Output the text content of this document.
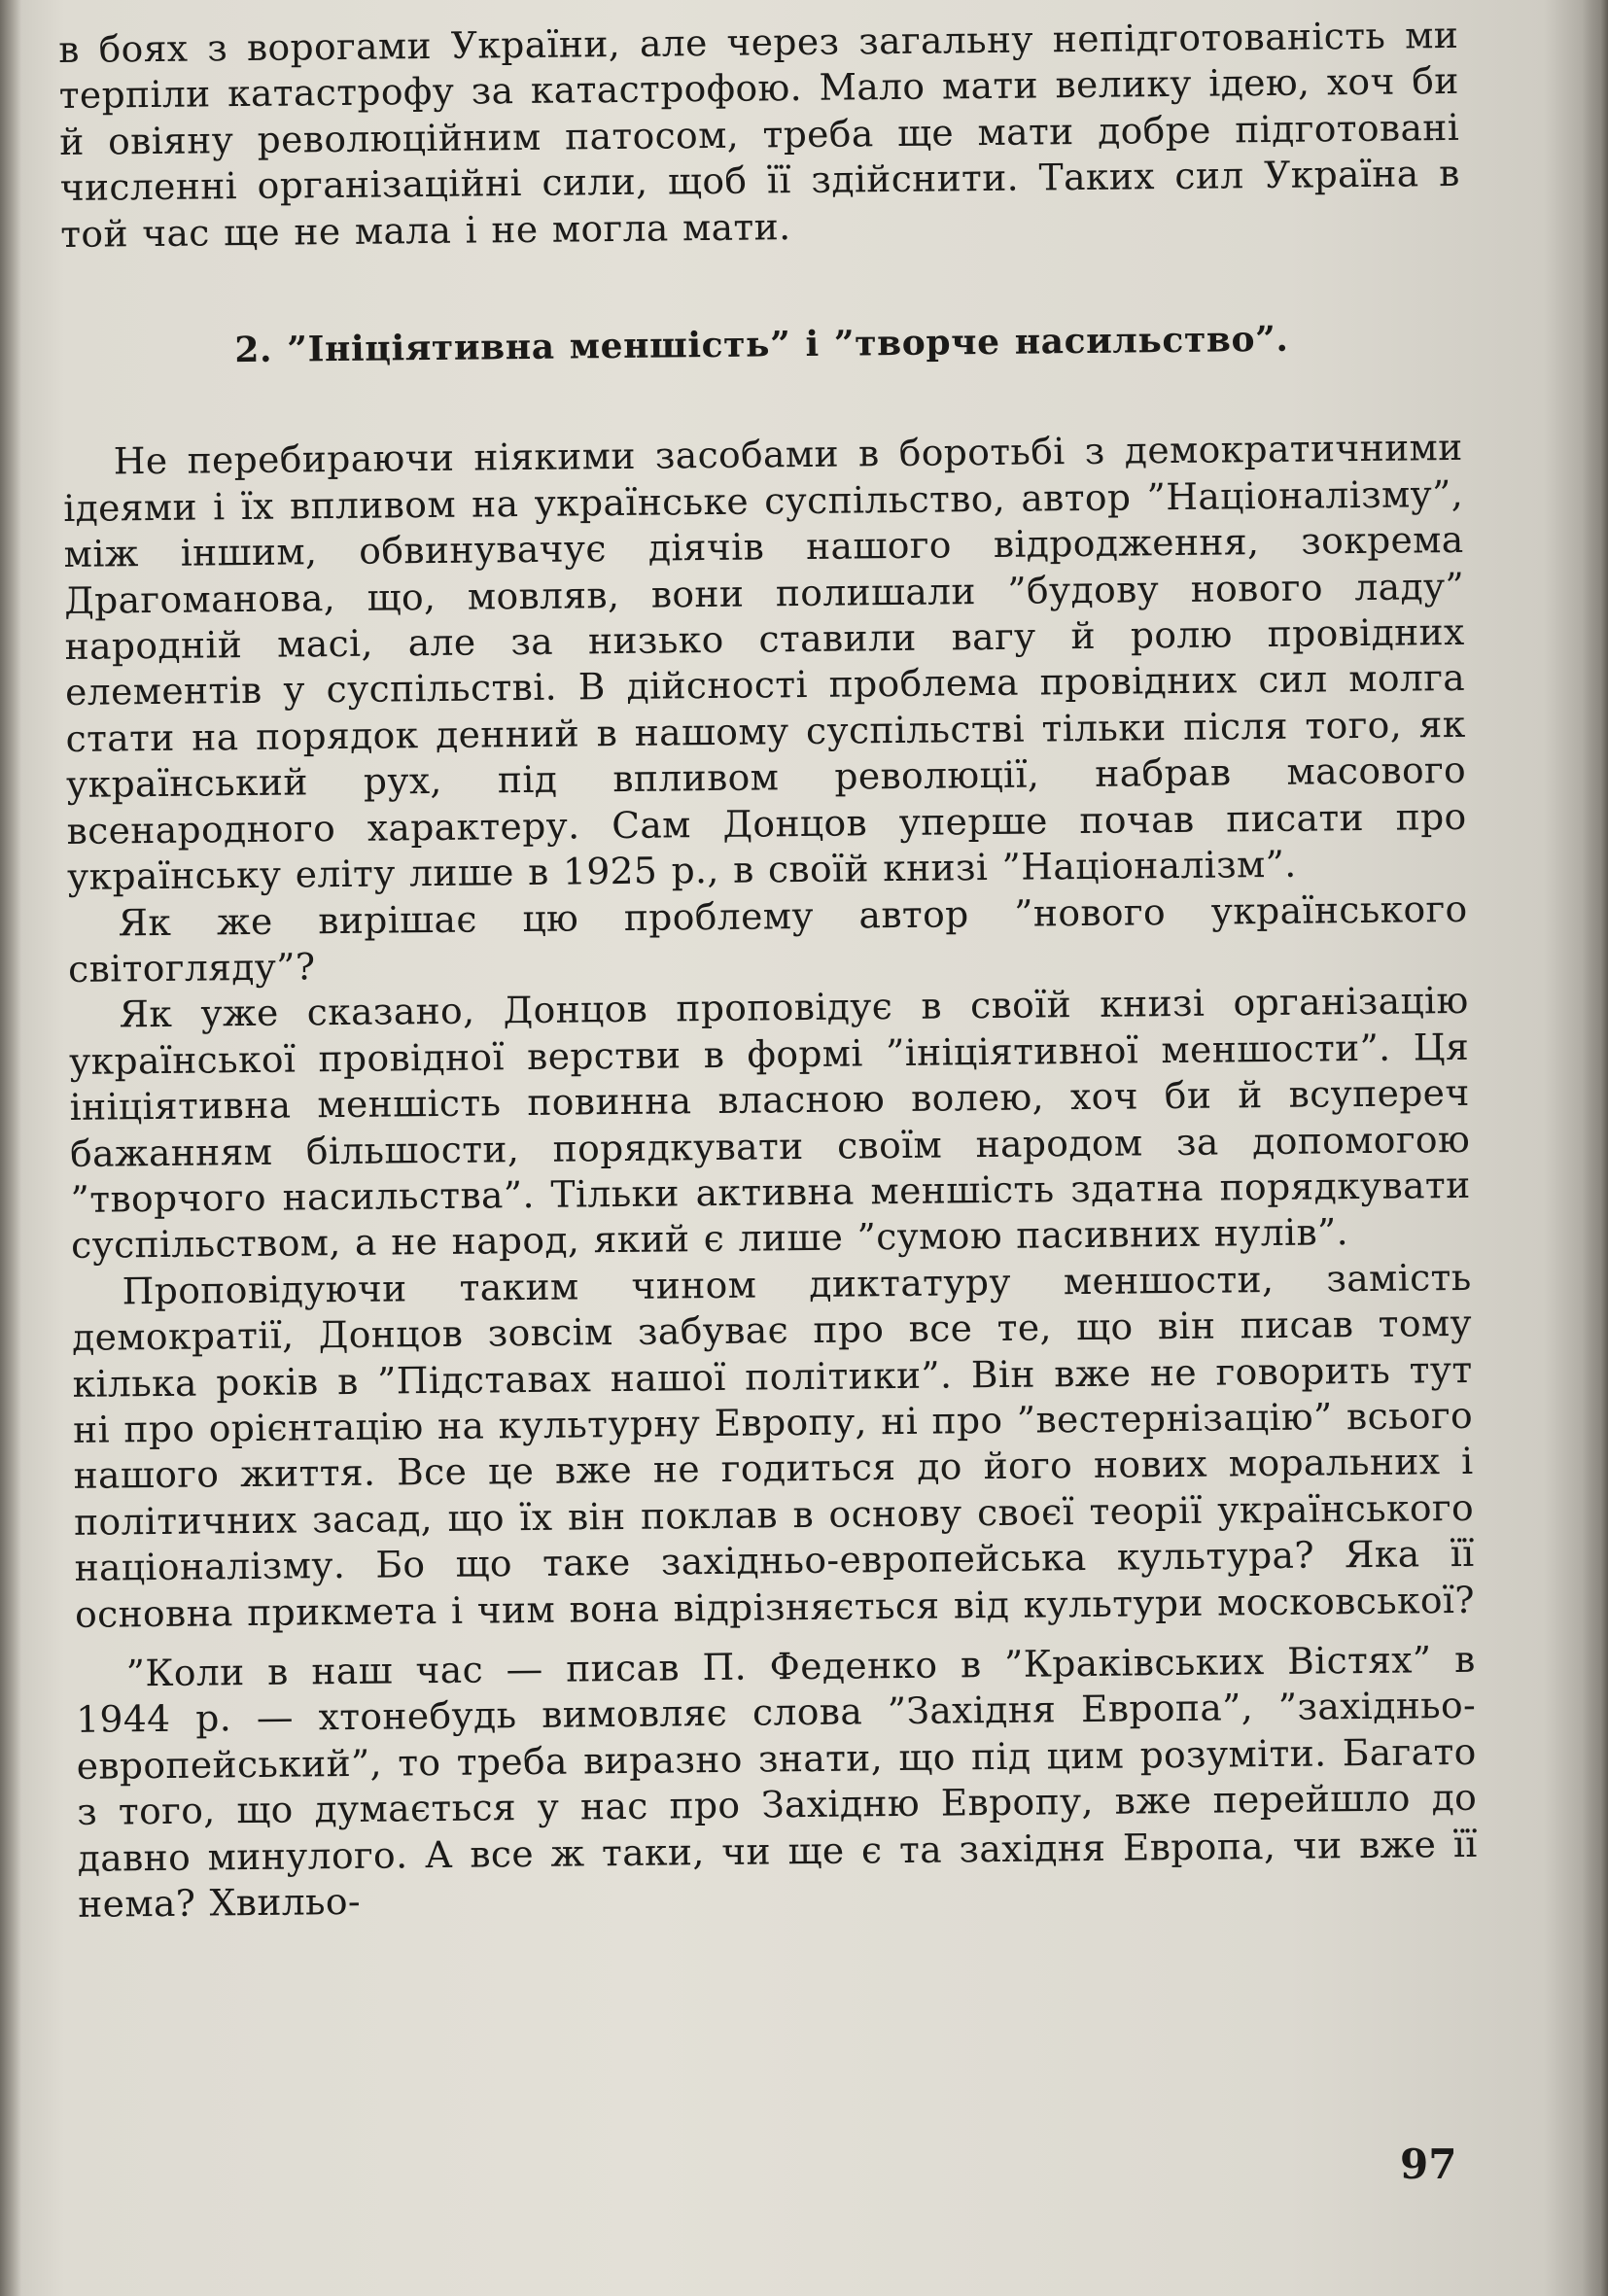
в боях з ворогами України, але через загальну непідготованість ми терпіли катастрофу за катастрофою. Мало мати велику ідею, хоч би й овіяну революційним патосом, треба ще мати добре підготовані численні організаційні сили, щоб її здійснити. Таких сил Україна в той час ще не мала і не могла мати.

2. ”Ініціятивна меншість” і ”творче насильство”.

Не перебираючи ніякими засобами в боротьбі з демократичними ідеями і їх впливом на українське суспільство, автор ”Націоналізму”, між іншим, обвинувачує діячів нашого відродження, зокрема Драгоманова, що, мовляв, вони полишали ”будову нового ладу” народній масі, але за низько ставили вагу й ролю провідних елементів у суспільстві. В дійсності проблема провідних сил молга стати на порядок денний в нашому суспільстві тільки після того, як український рух, під впливом революції, набрав масового всенародного характеру. Сам Донцов уперше почав писати про українську еліту лише в 1925 р., в своїй книзі ”Націоналізм”.

Як же вирішає цю проблему автор ”нового українського світогляду”?

Як уже сказано, Донцов проповідує в своїй книзі організацію української провідної верстви в формі ”ініціятивної меншости”. Ця ініціятивна меншість повинна власною волею, хоч би й всупереч бажанням більшости, порядкувати своїм народом за допомогою ”творчого насильства”. Тільки активна меншість здатна порядкувати суспільством, а не народ, який є лише ”сумою пасивних нулів”.

Проповідуючи таким чином диктатуру меншости, замість демократії, Донцов зовсім забуває про все те, що він писав тому кілька років в ”Підставах нашої політики”. Він вже не говорить тут ні про орієнтацію на культурну Европу, ні про ”вестернізацію” всього нашого життя. Все це вже не годиться до його нових моральних і політичних засад, що їх він поклав в основу своєї теорії українського націоналізму. Бо що таке західньо-европейська культура? Яка її основна прикмета і чим вона відрізняється від культури московської?

”Коли в наш час — писав П. Феденко в ”Краківських Вістях” в 1944 р. — хтонебудь вимовляє слова ”Західня Европа”, ”західньо-европейський”, то треба виразно знати, що під цим розуміти. Багато з того, що думається у нас про Західню Европу, вже перейшло до давно минулого. А все ж таки, чи ще є та західня Европа, чи вже її нема? Хвильо-

97
